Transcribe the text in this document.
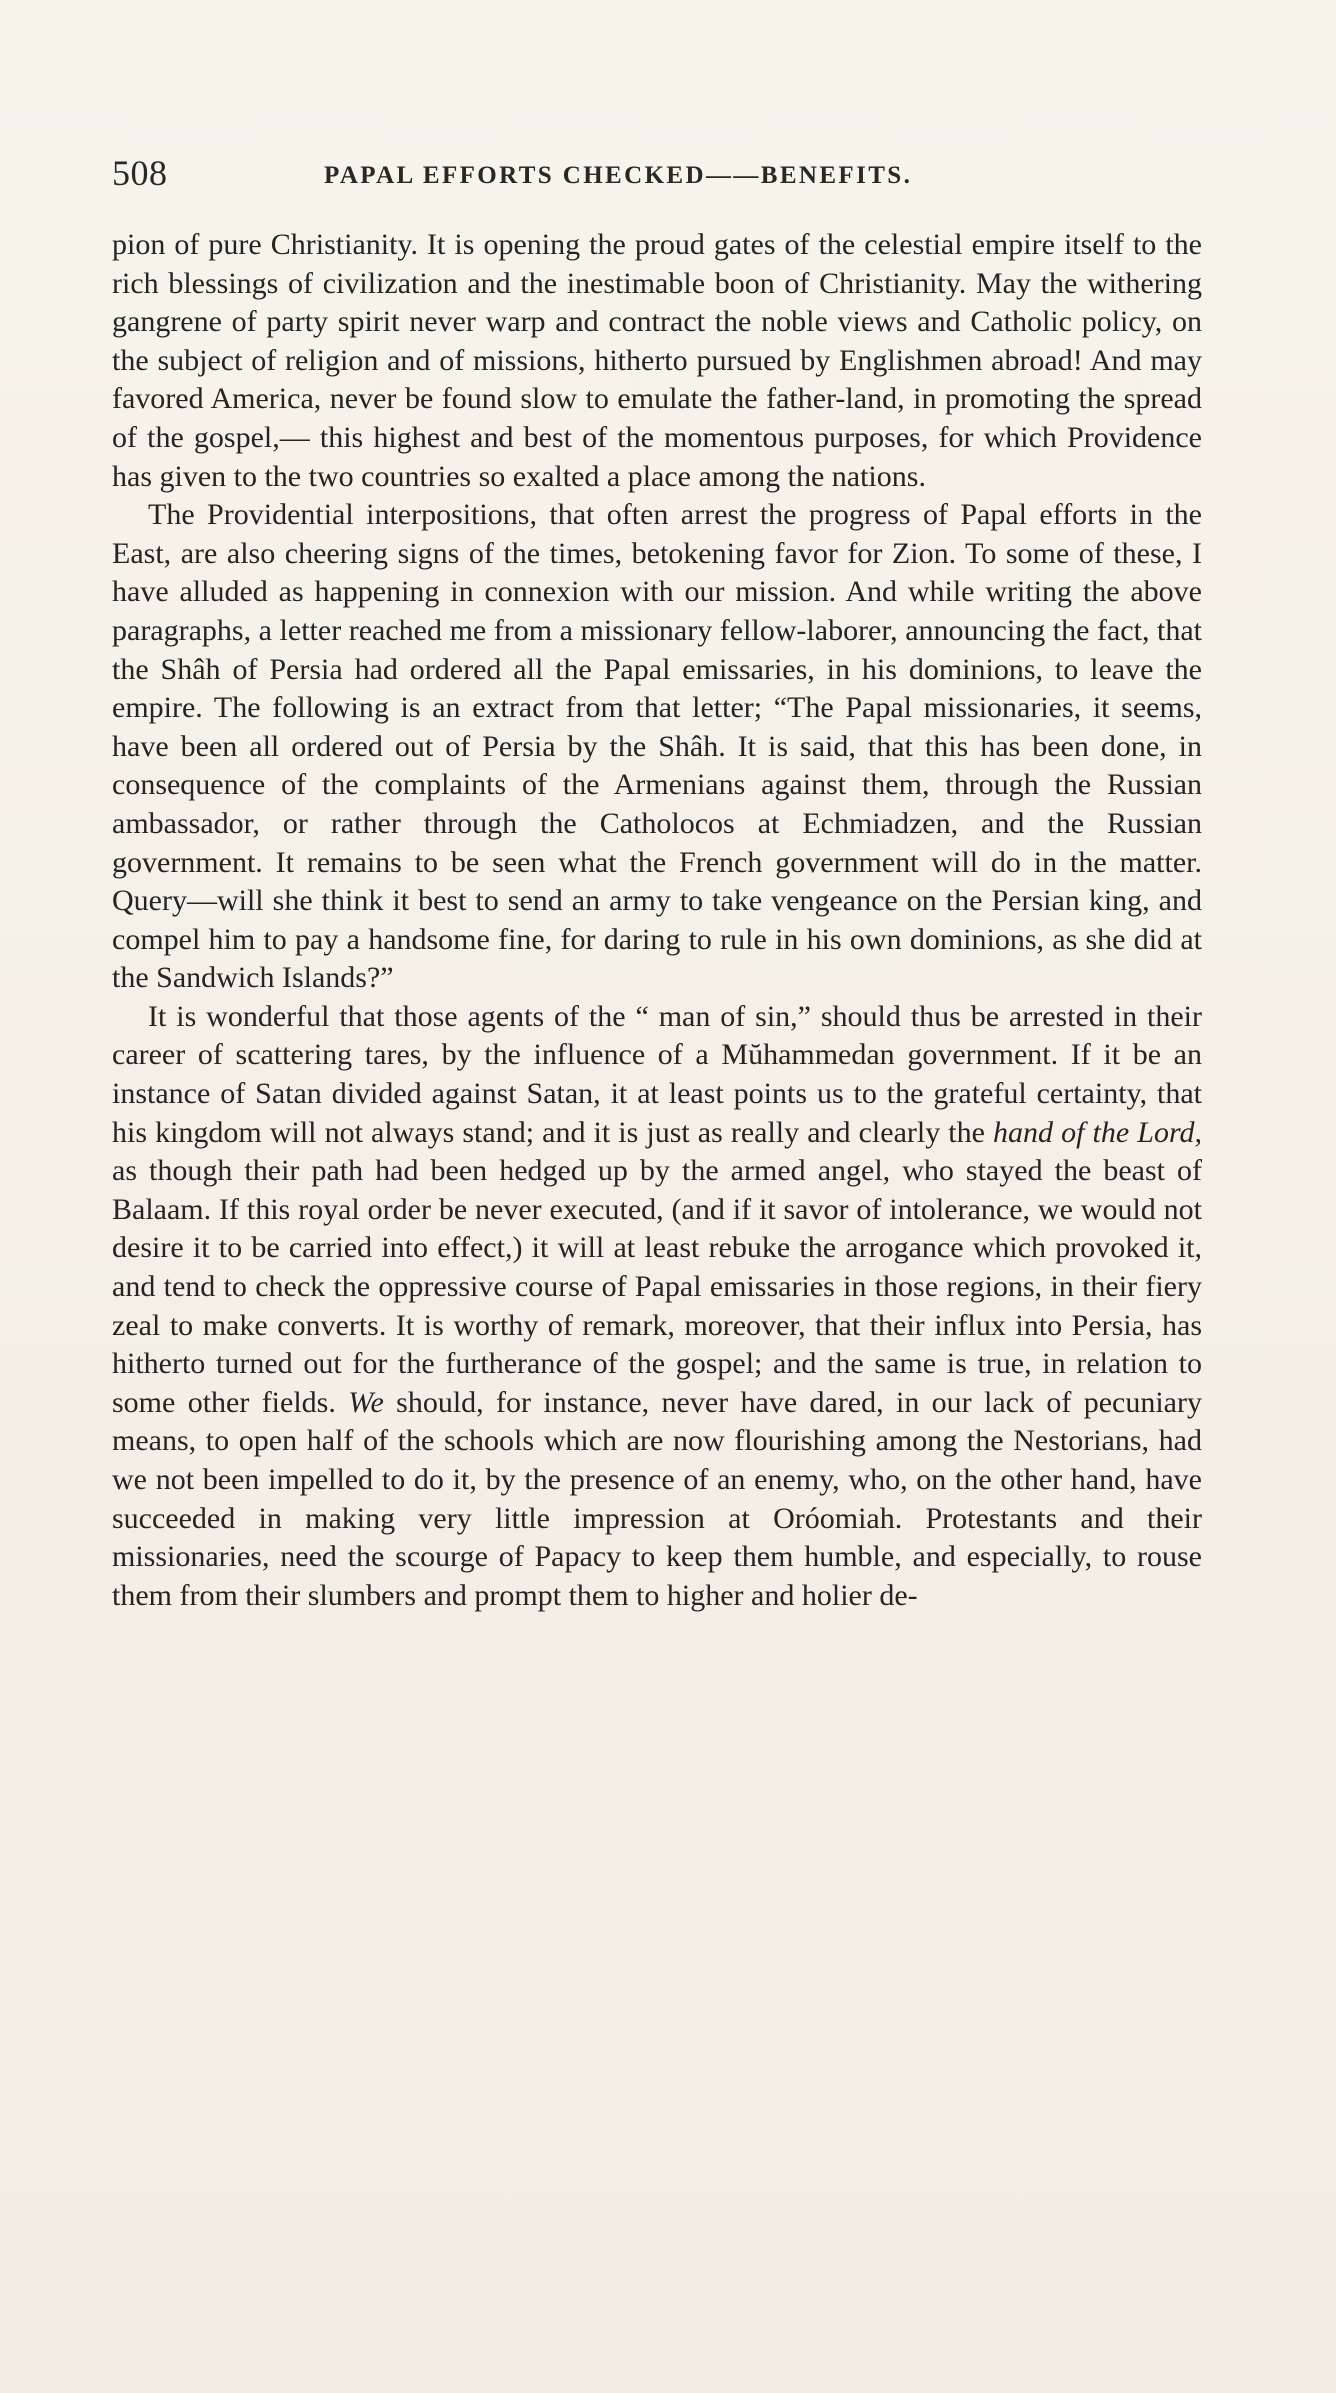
508	PAPAL EFFORTS CHECKED——BENEFITS.

pion of pure Christianity. It is opening the proud gates of the celestial empire itself to the rich blessings of civilization and the inestimable boon of Christianity. May the withering gangrene of party spirit never warp and contract the noble views and Catholic policy, on the subject of religion and of missions, hitherto pursued by Englishmen abroad! And may favored America, never be found slow to emulate the father-land, in promoting the spread of the gospel,— this highest and best of the momentous purposes, for which Providence has given to the two countries so exalted a place among the nations.

The Providential interpositions, that often arrest the progress of Papal efforts in the East, are also cheering signs of the times, betokening favor for Zion. To some of these, I have alluded as happening in connexion with our mission. And while writing the above paragraphs, a letter reached me from a missionary fellow-laborer, announcing the fact, that the Shâh of Persia had ordered all the Papal emissaries, in his dominions, to leave the empire. The following is an extract from that letter; “The Papal missionaries, it seems, have been all ordered out of Persia by the Shâh. It is said, that this has been done, in consequence of the complaints of the Armenians against them, through the Russian ambassador, or rather through the Catholocos at Echmiadzen, and the Russian government. It remains to be seen what the French government will do in the matter. Query—will she think it best to send an army to take vengeance on the Persian king, and compel him to pay a handsome fine, for daring to rule in his own dominions, as she did at the Sandwich Islands?”

It is wonderful that those agents of the “ man of sin,” should thus be arrested in their career of scattering tares, by the influence of a Mŭhammedan government. If it be an instance of Satan divided against Satan, it at least points us to the grateful certainty, that his kingdom will not always stand; and it is just as really and clearly the hand of the Lord, as though their path had been hedged up by the armed angel, who stayed the beast of Balaam. If this royal order be never executed, (and if it savor of intolerance, we would not desire it to be carried into effect,) it will at least rebuke the arrogance which provoked it, and tend to check the oppressive course of Papal emissaries in those regions, in their fiery zeal to make converts. It is worthy of remark, moreover, that their influx into Persia, has hitherto turned out for the furtherance of the gospel; and the same is true, in relation to some other fields. We should, for instance, never have dared, in our lack of pecuniary means, to open half of the schools which are now flourishing among the Nestorians, had we not been impelled to do it, by the presence of an enemy, who, on the other hand, have succeeded in making very little impression at Oróomiah. Protestants and their missionaries, need the scourge of Papacy to keep them humble, and especially, to rouse them from their slumbers and prompt them to higher and holier de-
